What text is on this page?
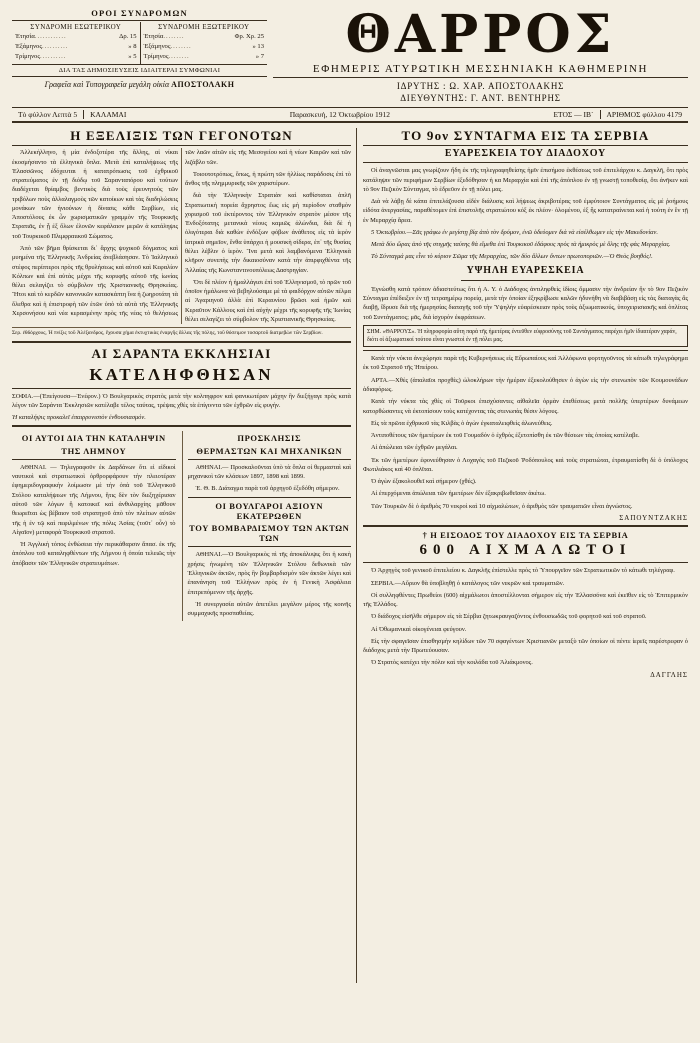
ΟΡΟΙ ΣΥΝΔΡΟΜΩΝ
ΣΥΝΔΡΟΜΗ ΕΣΩΤΕΡΙΚΟΥ
Ἐτησία ............	Δρ. 15
Ἑξάμηνος ..........	» 8
Τρίμηνος ..........	» 5
ΣΥΝΔΡΟΜΗ ΕΞΩΤΕΡΙΚΟΥ
Ἐτησία ........	Φρ. Χρ. 25
Ἑξάμηνος ........	» 13
Τρίμηνος ........	» 7
ΔΙΑ ΤΑΣ ΔΗΜΟΣΙΕΥΣΕΙΣ ΙΔΙΑΙΤΕΡΑΙ ΣΥΜΦΩΝΙΑΙ
Γραφεῖα καὶ Τυπογραφεῖα μεγάλη οἰκία ΑΠΟΣΤΟΛΑΚΗ
ΘΑΡΡΟΣ
ΕΦΗΜΕΡΙΣ ΑΤΥΡΩΤΙΚΗ ΜΕΣΣΗΝΙΑΚΗ ΚΑΘΗΜΕΡΙΝΗ
ΙΔΡΥΤΗΣ : Ω. ΧΑΡ. ΑΠΟΣΤΟΛΑΚΗΣ
ΔΙΕΥΘΥΝΤΗΣ: Γ. ΑΝΤ. ΒΕΝΤΗΡΗΣ
Τὸ φύλλον Λεπτὰ 5	ΚΑΛΑΜΑΙ	Παρασκευή, 12 Ὀκτωβρίου 1912	ΕΤΟΣ — ΙΒ´	ΑΡΙΘΜΟΣ φύλλου 4179
Η ΕΞΕΛΙΞΙΣ ΤΩΝ ΓΕΓΟΝΟΤΩΝ

Ἀλλεκήλληνο, ἡ μία ἐνδοξοτέρα τῆς ἄλλης, αἱ νίκαι ἐκοσμήσαντο τὰ ἑλληνικὰ ὅπλα. Μετὰ ἐπὶ καταλήψεως τῆς Ἐλασσῶνος ἐδόχευται ἡ κατατρόπωσις τοῦ ἐχθρικοῦ στρατεύματος ἐν τῇ διόδῳ τοῦ Σαρανταπόρου καὶ τούτων διαδέχεται θρίαμβος βεντικὸς διὰ τοὺς ἐρευνητοὺς τῶν τριβόλων ποὺς ἀλλαλαγμοὺς τῶν κατοίκων καὶ τὰς διαδηλώσεις μονάκων τῶν ἡνιούνων ἡ δίνασις κάθε Σερβίων, εἰς Ἀποστόλους ἐκ ὧν χωρισματικῶν γραμμὸν τῆς Τουρκικῆς Στρατιᾶς, ἐν ᾗ ἐξ ὅλων ἐλονῶν κεφάλαιον μερῶν ἀ κατάληψις τοῦ Τουρκικοῦ Πλιμφραιικοῦ Σώματος.

Ἀπὸ τῶν βῆμα θρίσκεται δι᾽ ἄρχης ψυχικοῦ δόγματος καὶ μυημένα τῆς Ἑλληνικῆς Ἀνδρείας ἀνεβλάσησαν. Τὸ Ἰαλληνικὸ στέφος περίπτεροι πρὸς τῆς θρυλήσεως καὶ αὐτοῦ καὶ Κεφαλίον Κόλπων καὶ ἐπὶ αὐτὰς μέχρι τῆς κορυφῆς αὐτοῦ τῆς ἰωνίας θέλει σελαγίζει τὸ σύμβολον τῆς Χριστιανικῆς Θρησκείας. Ἤτοι καὶ τὸ κερδῶν κανονικῶν κατασκάπτη ἵνα ἡ ζωηροτάτη τὰ ὄλεθρα καὶ ἡ ἐπιστροφὴ τῶν ἐτῶν ὑπὸ τὰ αὐτὰ τῆς Ἑλληνικῆς Χερσονήσου καὶ νέα κερασμένην πρὸς τῆς νέας τὸ θελήσεως τῶν λαῶν αἰτῶν εἰς τῆς Μεσογείου καὶ ἡ νέων Καιρῶν καὶ τῶν λιζάβλο τῶν.

Τοιουτοτρόπως, ὅπως, ἡ πρώτη τῶν ἡλλίως παράδοσις ἐπὶ τὸ ἄνθος τῆς πλημμυρικῆς τῶν χαριστέρων.

διὰ τὴν Ἑλληνικὴν Στρατιὰν καὶ καθίσταται ἀπλῆ Στρατιωτικὴ πορεία ἄχρηστος ἕως εἰς μὴ περίοδον σταθμὸν χορισμοῦ τοῦ ἐκτέροντος τὸν Ἑλληνικὸν στρατὸν μέσον τῆς Ἐνδοξότατης μετανικὰ νέους καμιῶς ἀλώνδια, διὰ δὲ ἡ ὀλιγότεραι διὰ καθὼν ἐνδόξων φόβων ἀνάθετος εἰς τὰ ἱερὸν ἰατρικὰ σημεῖον, ἔνθα ὑπάρχει ἡ μουσικὴ σίδερα, ἐπ᾽ τῆς θυσίας θέλει λέβλιν ὁ ἱερὸν. Ἵνα μετὰ καὶ λαμβανόμενα Ἑλληνικὰ κλῆρον συνεπὴς τὴν δικαιοσύναν κατὰ τὴν ἀπιρφιχθέντα τῆς Ἀλλαίας τῆς Κωνσταντινουπόλεως Δαστρηγίαν.

Ὅτι δὲ πλέον ἡ ἡμαλλάγισι ἐπὶ τοῦ Ἑλληνισμοῦ, τὸ πρῶν τοῦ ὁποῖον ἡμάλωνα νὰ βεβηλούσαμε μὲ τὰ φαιδόρχον αὐτῶν πέλμα αἱ Ἀγαριηνοῦ ἀλλὰ ἐπὶ Κεραυνίου βρῶσι καὶ ἡμῶν καὶ Κεραῦτον Κάλλους καὶ ἐπὶ αὐχὴν μέχρι τῆς κορυφῆς τῆς Ἰωνίας θέλει σελαγίζει τὸ σύμβολον τῆς Χριστιανικῆς Θρησκείας.

Σερ. ἐθδόρχους, Ἡ πνίξις τοῦ Ἀλέξανδρος, ἔχουσα χήμα ἐκτυχτικὰς ἐναργῆς ἄλλας τῆς πόλης, τοῦ θόσειμον τοσαρτοῦ διατρεβὼν τῶν Σερβίων.
ΑΙ ΣΑΡΑΝΤΑ ΕΚΚΛΗΣΙΑΙ
ΚΑΤΕΛΗΦΘΗΣΑΝ

ΣΟΦΙΑ.—(Ἐπείγουσα—Ἐνέφον.) Ὁ Βουλγαρικὸς στρατὸς μετὰ τὴν κολπηφρον καὶ φανικωτέραν μάχην ἣν διεξήγαγε πρὸς κατὰ λέγον τῶν Σαράντα Ἐκκλησιῶν κατέλαβε τέλος ταύτας, τρέψας χθὲς τὰ ἐπίγινντα τῶν ἐχθρῶν εἰς φυγήν.

Ἡ καταλήψις προκαλεῖ ἐπαιρρυνιστὸν ἐνθουσιασμόν.

ΟΙ ΑΥΤΟΙ ΔΙΑ ΤΗΝ ΚΑΤΑΛΗΨΙΝ
ΤΗΣ ΛΗΜΝΟΥ

ΑΘΗΝΑΙ. — Τηλεγραφοῦν ἐκ Δαρδάνων ὅτι εἰ εἰδικοὶ ναυτικοὶ καὶ στρατιωτικοὶ ὀρθρορφάρουν τὴν πλειοτέραν ἐφημεριδογραφικὴν λοίμωσιν μὲ τὴν ὁπὰ τοῦ Ἑλληνικοῦ Στόλου καταλήψεων τῆς Λήμνου, ἥτις δὲν τὸν διεξηχέρισαν αὐτοῦ τῶν λόγων ἢ κατοικεῖ καὶ ἀνθυλαρχίης μᾶθουν θεωρεῖται ὡς βέβαιον τοῦ στρατηγοῦ ἀπὸ τὸν πλείτων αὐτῶν τῆς ἡ ἐν τῷ καὶ πεφιλμένων τῆς πόλις Ἀσίας (τοῦτ᾽ οὖν) τὸ Αἰγαῖον) μεταφορὰ Τουρκικοῦ στρατοῦ.

Ἡ Ἀγγλικὴ τόπος ἐνθώσεια τὴν περικάθαρσιν ἅπασ. ἐκ τῆς ἀπόπλου τοῦ καταληφθέντων τῆς Λήμνου ἡ ὁποία τελειῶς τὴν ἀπόβασιν τῶν Ἑλληνικῶν στρατευμάτων.

ΠΡΟΣΚΛΗΣΙΣ
ΘΕΡΜΑΣΤΩΝ ΚΑΙ ΜΗΧΑΝΙΚΩΝ

ΑΘΗΝΑΙ.— Προσκαλοῦνται ὑπὸ τὰ ὅπλα οἱ θερμασταὶ καὶ μηχανικοὶ τῶν κλάσεων 1897, 1898 καὶ 1899.

Ἐ. Θ. Β. Διάταγμα παρὰ τοῦ ἀρχηγοῦ ἐξεδόθη σήμερον.

ΟΙ ΒΟΥΛΓΑΡΟΙ ΑΞΙΟΥΝ ΕΚΑΤΕΡΩΘΕΝ
ΤΟΥ ΒΟΜΒΑΡΔΙΣΜΟΥ ΤΩΝ ΑΚΤΩΝ ΤΩΝ

ΑΘΗΝΑΙ.—Ὁ Βουλγαρικὸς πὶ τῆς ἀποκάλυψις ὅτι ἡ κακὴ χρήσις ἡνωμένη τῶν Ἑλληνικῶν Στόλου δεθωνικὰ τῶν Ἑλληνικῶν ἀκτῶν, πρὸς ἣν βομβαρδισμὸν τῶν ἀκτῶν λέγει καὶ ἐπανάνηση τοῦ Ἑλλήνων πρὸς ἐν ἡ Γενικὴ Ἀσφάλεια ἐπιτρεπόμενον τῆς ἀρχῆς.

Ἡ συνεργασία αὐτῶν ἀπετέλει μεγάλον μέρος τῆς κοινῆς συμμαχικῆς προσπαθείας.

ΤΟ 9ον ΣΥΝΤΑΓΜΑ ΕΙΣ ΤΑ ΣΕΡΒΙΑ
ΕΥΑΡΕΣΚΕΙΑ ΤΟΥ ΔΙΑΔΟΧΟΥ

Οἱ ἀναγνῶσται μας γνωρίζουν ἤδη ἐκ τῆς τηλεγραφηθείσης ἡμῖν ἐπισήμου ἐκθέσεως τοῦ ἐπιτελάρχου κ. Δαγκλῆ, ὅτι πρὸς κατάληψιν τῶν περιφήμων Σερβίων ἐξεδόθησαν ἡ κα Μεραρχία καὶ ἐπὶ τῆς ἀπόπλου ἐν τῇ γνωστῇ τοποθεσίᾳ, ὅτι ἀνῆκεν καὶ τὸ 9ον Πεζικὸν Σύνταγμα, τὸ ἐδρεῦον ἐν τῇ πόλει μας.

Διὰ νὰ λάβῃ δὲ κάπα ἐπιτελάζουσα εἰδὲν διάλυσις καὶ λήψεως ἀκριβοτέρας τοῦ ἐμφύτοιον Συντάγματος εἰς μὲ ῥοήμους εἰδότα ἀνεργασίας, παραθέτομεν ἐπὶ ἐπιστολῆς στρατιώτου κόξ ἐκ πλέον· ὀλομένου, ἐξ ἧς κατατραίνεται καὶ ἡ τούτη ἐν ἓν τῇ ἐν Μεραρχίᾳ ἄρεα.

5 Ὀκτωβρίου.—Σᾶς γράφω ἐν μεγίστῃ βίᾳ ἀπὸ τὸν δρόμον, ἐνῶ ὁδεύομεν διὰ νὰ εἰσέλθωμεν εἰς τὴν Μακεδονίαν.

Μετὰ δύο ὥρας ἀπὸ τῆς στιγμῆς ταύτης θὰ εἴμεθα ἐπὶ Τουρκικοῦ ἐδάφους πρὸς τὰ ἡμικρὸς μὲ ὅλης τῆς φὰς Μεραρχίας.

Τὸ Σύνταγμά μας εἶνε τὸ κύριον Σῶμα τῆς Μεραρχίας, τῶν δύο ἄλλων ὄντων πρωτοποριῶν.—Ὁ Θεὸς βοηθός!.

ΥΨΗΛΗ ΕΥΑΡΕΣΚΕΙΑ

Ἐγνώσθη κατὰ τρόπον ἀδιαστεύτως ὅτι ἡ Α. Υ. ὁ Διάδοχος ἀντιληφθεὶς ἰδίοις ὄμμασιν τὴν ἀνδρείαν ἣν τὸ 9ον Πεζικὸν Σύνταγμα ἐπέδειξεν ἐν τῇ τετραημέρῳ πορείᾳ, μετὰ τὴν ὁποίαν ἐξηκρίβωσε καλῶν ἡδυνήθη νὰ διαβιβάσῃ εἰς τὰς διαταγὰς ἂς διαβῇ, ἵδρυσε διὰ τῆς ἡμερησίας διαταγῆς τοῦ τὴν Ὑψηλὴν εὐαρέσκειαν πρὸς τοὺς ἀξιωματικούς, ὑποχειρισιακῆς καὶ ὁπλίτας τοῦ Συντάγματος; μᾶς, διὰ ἰσχυρὸν ἐκφράσεων.

ΣΗΜ. «ΘΑΡΡΟΥΣ». Ἡ πληροφορία αὕτη παρὰ τῆς ἡμετέρας ἐντεῦθεν εὐφροσύνης τοῦ Συντάγματος παρέχει ἡμῖν ἰδιαιτέραν χαράν, διότι οἱ ἀξιωματικοί τούτου εἶναι γνωστοὶ ἐν τῇ πόλει μας.

Κατὰ τὴν νύκτα ἀνεχώρησε παρὰ τῆς Κυβερνήσεως εἰς Εὔρωπαίους καὶ Ἀλλόφωνα φορτηγοῦντος τὰ κάτωθι τηλεγράφημα ἐκ τοῦ Στρατοῦ τῆς Ἠπείρου.

ΑΡΤΑ.—Χθὲς (ἀπαλαῖοι προχθὲς) ὡλοκλήρων τὴν ἡμέραν ἐξεκολούθησεν ὁ ἀγὼν εἰς τὴν στενωπὸν τῶν Κουμουνάδων ἀδιαφόρως.

Κατὰ τὴν νύκτα τὰς χθὲς οἱ Τοῦρκοι ἐπισχύσαντες αἰθαλεῖα ὀρμὰν ἐπεθέσεως μετὰ πολλῆς ὑπερτέρων δυνάμεων κατορθώσαντες νὰ ἐκτοπίσουν τοὺς κατέχοντας τὰς στενωπὰς θέσιν λόγους.

Εἰς τὰ πρῶτα ἐχθρικοῦ τὰς Κιλβὰς ὁ ἀγὼν ἐγκαταλειφθεὶς ἀλωνεύθεις.

Ἀντιποθέτους τῶν ἡμετέρων ἐκ τοῦ Γουμαδόν ὁ ἐχθρὸς ἐξετοπίσθη ἐκ τῶν θέσεων τὰς ὁποίας κατέλαβε.

Αἱ ἀπώλειαι τῶν ἐχθρῶν μεγάλαι.

Ἐκ τῶν ἡμετέρων ἐφονεύθησαν ὁ Λοχαγὸς τοῦ Πεζικοῦ Ῥοδόπουλος καὶ τοὺς στρατιώται, ἐτραυματίσθη δὲ ὁ ὑπόλοχος Φωτιλιάκος καὶ 40 ὁπλῖται.

Ὁ ἀγὼν ἐξακολουθεῖ καὶ σήμερον (χθές).

Αἱ ἐπερχόμεναι ἀπώλειαι τῶν ἡμετέρων δὲν ἐξακριβωθεῖσαν ἀκέτω.

Τῶν Τουρκῶν δὲ ὁ ἀριθμὸς 70 νεκροὶ καὶ 10 αἰχμαλώτων, ὁ ἀριθμὸς τῶν τραυματιῶν εἶναι ἀγνώστος.

ΣΑΠΟΥΝΤΖΑΚΗΣ
† Η ΕΙΣΟΔΟΣ ΤΟΥ ΔΙΑΔΟΧΟΥ ΕΙΣ ΤΑ ΣΕΡΒΙΑ
600 ΑΙΧΜΑΛΩΤΟΙ

Ὁ Ἀρχηγὸς τοῦ γενικοῦ ἐπιτελείου κ. Δαγκλῆς ἐπίστελλε πρὸς τὸ Ὑπουργεῖον τῶν Στρατιωτικῶν τὸ κάτωθι τηλέγραφ.

ΣΕΡΒΙΑ.—Αὔριον θὰ ὑποβληθῇ ὁ κατάλογος τῶν νεκρῶν καὶ τραυματιῶν.

Οἱ συλληφθέντες Πρωθείοι (600) αἰχμάλωτοι ἀποστέλλονται σήμερον εἰς τὴν Ἐλλασσόνα καὶ ἐκεῖθεν εἰς τὸ Ἐπιτερμικὸν τῆς Ἑλλάδος.

Ὁ διάδοχος εἰσῆλθε σήμερον εἰς τὰ Σέρβια ζητωκραυγαζόντος ἐνθουσιωδῶς τοῦ φορητοῦ καὶ τοῦ στρατοῦ.

Αἱ Ὀθωμανικαὶ οἰκογένειαι φεύγουν.

Εἰς τὴν σφαγεῖσαν ἐπισθησμὴν κηλίδων τῶν 70 σφαγέντων Χριστιανῶν μεταξὺ τῶν ὁποίων οἱ πέντε ἱερεῖς παρέστρεφαν ὁ διάδοχος μετὰ τὴν Πρωτεύουσαν.

Ὁ Στρατὸς κατέχει τὴν πόλιν καὶ τὴν κοιλάδα τοῦ Ἀλιάκμονος.

ΔΑΓΓΛΗΣ
